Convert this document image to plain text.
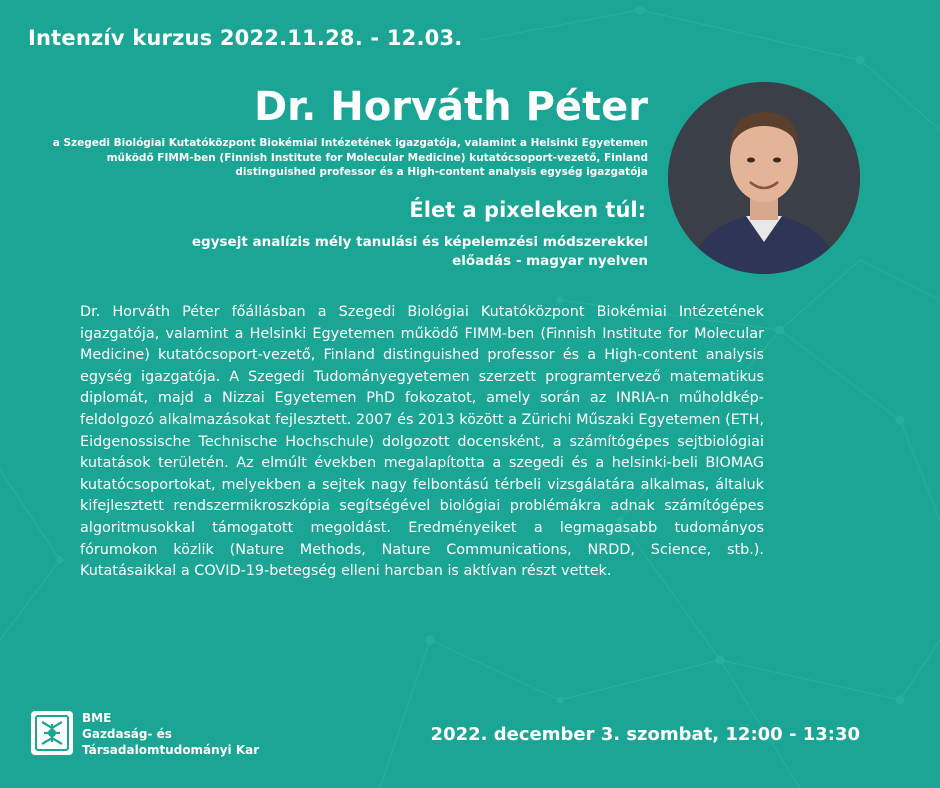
Intenzív kurzus 2022.11.28. - 12.03.
Dr. Horváth Péter
a Szegedi Biológiai Kutatóközpont Biokémiai Intézetének igazgatója, valamint a Helsinki Egyetemen működő FIMM-ben (Finnish Institute for Molecular Medicine) kutatócsoport-vezető, Finland distinguished professor és a High-content analysis egység igazgatója
Élet a pixeleken túl:
egysejt analízis mély tanulási és képelemzési módszerekkel
előadás - magyar nyelven
Dr. Horváth Péter főállásban a Szegedi Biológiai Kutatóközpont Biokémiai Intézetének igazgatója, valamint a Helsinki Egyetemen működő FIMM-ben (Finnish Institute for Molecular Medicine) kutatócsoport-vezető, Finland distinguished professor és a High-content analysis egység igazgatója. A Szegedi Tudományegyetemen szerzett programtervező matematikus diplomát, majd a Nizzai Egyetemen PhD fokozatot, amely során az INRIA-n műholdkép-feldolgozó alkalmazásokat fejlesztett. 2007 és 2013 között a Zürichi Műszaki Egyetemen (ETH, Eidgenossische Technische Hochschule) dolgozott docensként, a számítógépes sejtbiológiai kutatások területén. Az elmúlt években megalapította a szegedi és a helsinki-beli BIOMAG kutatócsoportokat, melyekben a sejtek nagy felbontású térbeli vizsgálatára alkalmas, általuk kifejlesztett rendszermikroszkópia segítségével biológiai problémákra adnak számítógépes algoritmusokkal támogatott megoldást. Eredményeiket a legmagasabb tudományos fórumokon közlik (Nature Methods, Nature Communications, NRDD, Science, stb.). Kutatásaikkal a COVID-19-betegség elleni harcban is aktívan részt vettek.
BME
Gazdaság- és
Társadalomtudományi Kar
2022. december 3. szombat, 12:00 - 13:30
